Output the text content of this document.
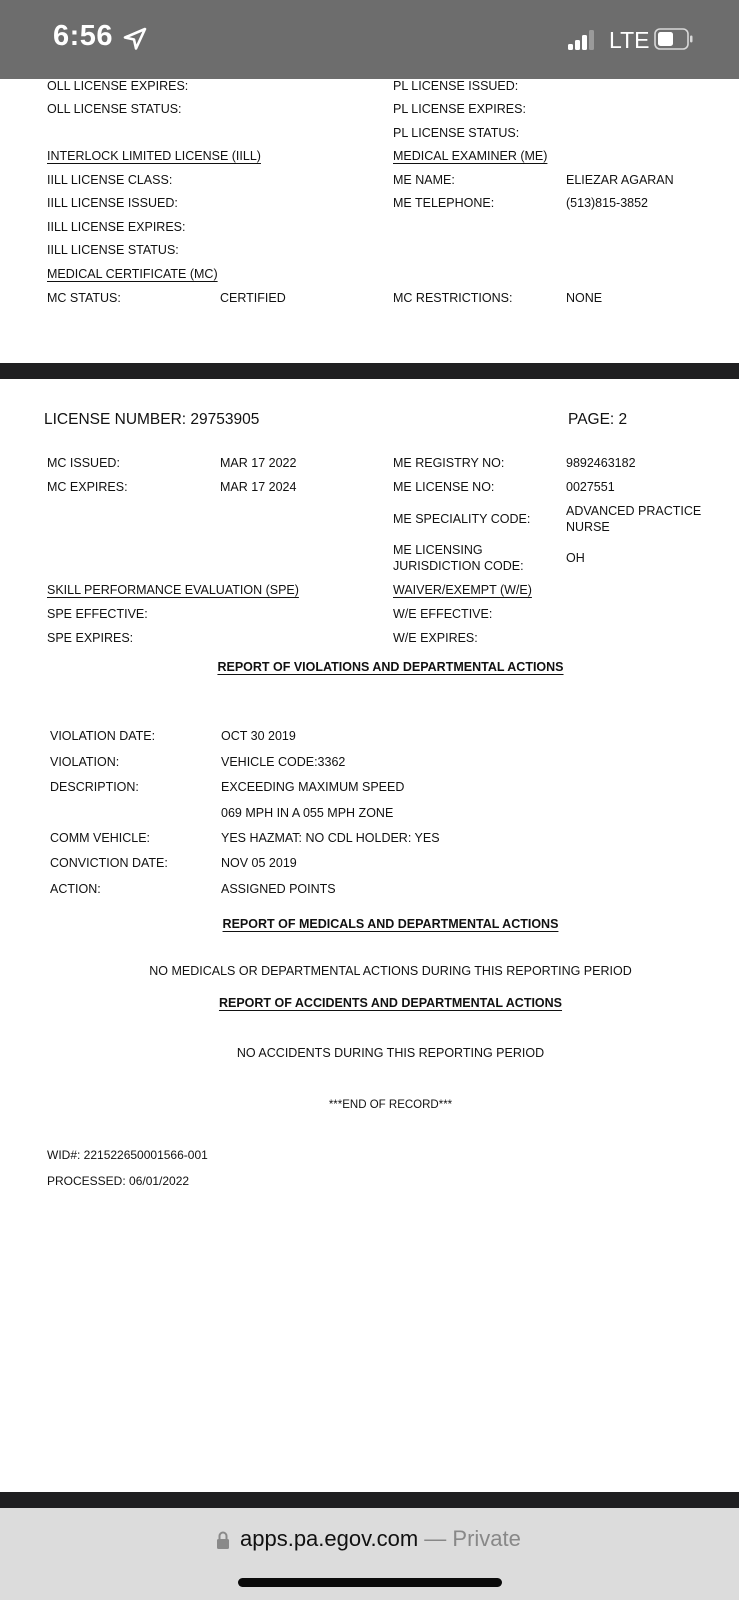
6:56	LTE
OLL LICENSE EXPIRES:
OLL LICENSE STATUS:
PL LICENSE ISSUED:
PL LICENSE EXPIRES:
PL LICENSE STATUS:
INTERLOCK LIMITED LICENSE (IILL)
IILL LICENSE CLASS:
IILL LICENSE ISSUED:
IILL LICENSE EXPIRES:
IILL LICENSE STATUS:
MEDICAL EXAMINER (ME)
ME NAME:	ELIEZAR AGARAN
ME TELEPHONE:	(513)815-3852
MEDICAL CERTIFICATE (MC)
MC STATUS:	CERTIFIED	MC RESTRICTIONS:	NONE
LICENSE NUMBER: 29753905	PAGE: 2
MC ISSUED:	MAR 17 2022
MC EXPIRES:	MAR 17 2024
ME REGISTRY NO:	9892463182
ME LICENSE NO:	0027551
ME SPECIALITY CODE:
ADVANCED PRACTICE
NURSE
ME LICENSING
JURISDICTION CODE:
OH
SKILL PERFORMANCE EVALUATION (SPE)
SPE EFFECTIVE:
SPE EXPIRES:
WAIVER/EXEMPT (W/E)
W/E EFFECTIVE:
W/E EXPIRES:
REPORT OF VIOLATIONS AND DEPARTMENTAL ACTIONS
VIOLATION DATE:	OCT 30 2019
VIOLATION:	VEHICLE CODE:3362
DESCRIPTION:	EXCEEDING MAXIMUM SPEED
069 MPH IN A 055 MPH ZONE
COMM VEHICLE:	YES HAZMAT: NO CDL HOLDER: YES
CONVICTION DATE:	NOV 05 2019
ACTION:	ASSIGNED POINTS
REPORT OF MEDICALS AND DEPARTMENTAL ACTIONS
NO MEDICALS OR DEPARTMENTAL ACTIONS DURING THIS REPORTING PERIOD
REPORT OF ACCIDENTS AND DEPARTMENTAL ACTIONS
NO ACCIDENTS DURING THIS REPORTING PERIOD
***END OF RECORD***
WID#: 221522650001566-001
PROCESSED: 06/01/2022
apps.pa.egov.com — Private
